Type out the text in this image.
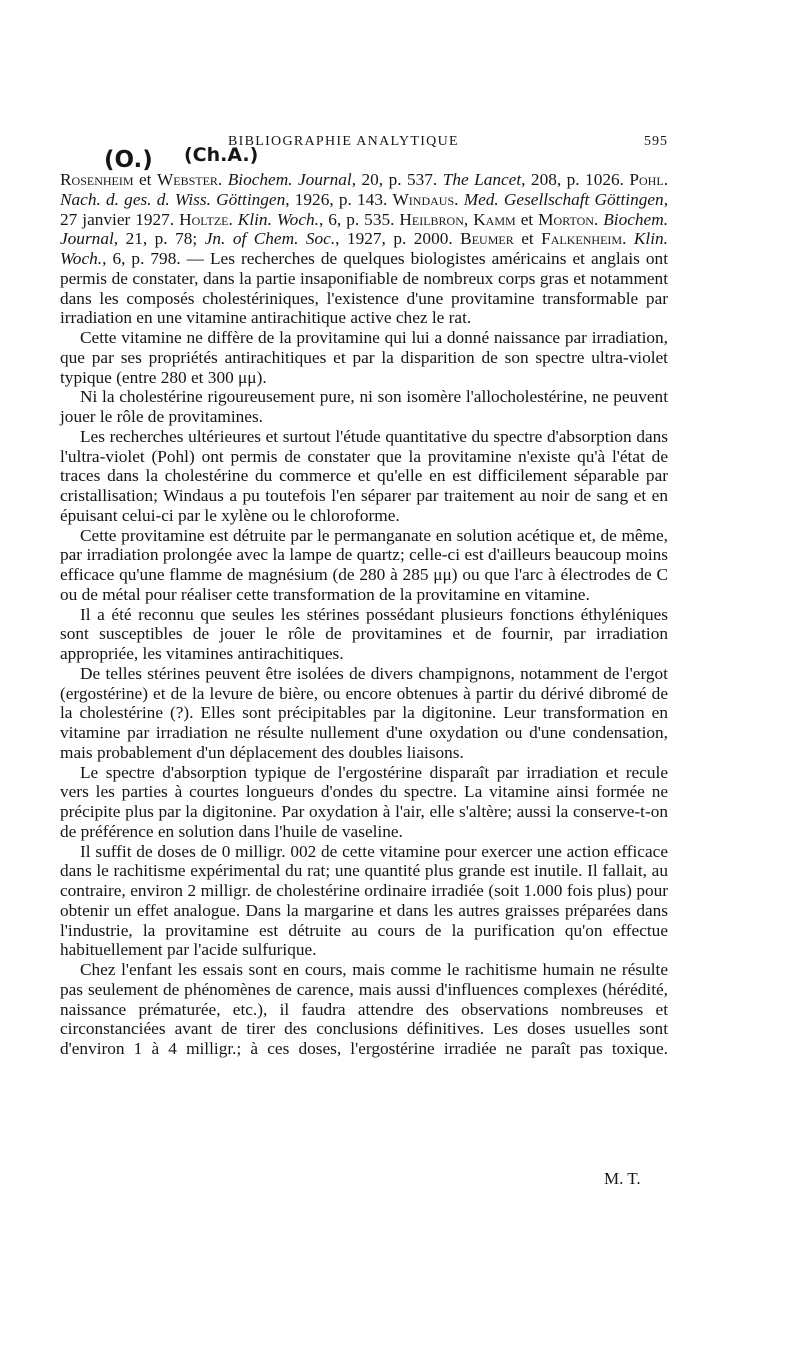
BIBLIOGRAPHIE ANALYTIQUE	595
(O.) (Ch.A.)

Rosenheim et Webster. Biochem. Journal, 20, p. 537. The Lancet, 208, p. 1026. Pohl. Nach. d. ges. d. Wiss. Göttingen, 1926, p. 143. Windaus. Med. Gesellschaft Göttingen, 27 janvier 1927. Holtze. Klin. Woch., 6, p. 535. Heilbron, Kamm et Morton. Biochem. Journal, 21, p. 78; Jn. of Chem. Soc., 1927, p. 2000. Beumer et Falkenheim. Klin. Woch., 6, p. 798. — Les recherches de quelques biologistes américains et anglais ont permis de constater, dans la partie insaponifiable de nombreux corps gras et notamment dans les composés cholestériniques, l'existence d'une provitamine transformable par irradiation en une vitamine antirachitique active chez le rat.

Cette vitamine ne diffère de la provitamine qui lui a donné naissance par irradiation, que par ses propriétés antirachitiques et par la disparition de son spectre ultra-violet typique (entre 280 et 300 μμ).

Ni la cholestérine rigoureusement pure, ni son isomère l'allocholestérine, ne peuvent jouer le rôle de provitamines.

Les recherches ultérieures et surtout l'étude quantitative du spectre d'absorption dans l'ultra-violet (Pohl) ont permis de constater que la provitamine n'existe qu'à l'état de traces dans la cholestérine du commerce et qu'elle en est difficilement séparable par cristallisation; Windaus a pu toutefois l'en séparer par traitement au noir de sang et en épuisant celui-ci par le xylène ou le chloroforme.

Cette provitamine est détruite par le permanganate en solution acétique et, de même, par irradiation prolongée avec la lampe de quartz; celle-ci est d'ailleurs beaucoup moins efficace qu'une flamme de magnésium (de 280 à 285 μμ) ou que l'arc à électrodes de C ou de métal pour réaliser cette transformation de la provitamine en vitamine.

Il a été reconnu que seules les stérines possédant plusieurs fonctions éthyléniques sont susceptibles de jouer le rôle de provitamines et de fournir, par irradiation appropriée, les vitamines antirachitiques.

De telles stérines peuvent être isolées de divers champignons, notamment de l'ergot (ergostérine) et de la levure de bière, ou encore obtenues à partir du dérivé dibromé de la cholestérine (?). Elles sont précipitables par la digitonine. Leur transformation en vitamine par irradiation ne résulte nullement d'une oxydation ou d'une condensation, mais probablement d'un déplacement des doubles liaisons.

Le spectre d'absorption typique de l'ergostérine disparaît par irradiation et recule vers les parties à courtes longueurs d'ondes du spectre. La vitamine ainsi formée ne précipite plus par la digitonine. Par oxydation à l'air, elle s'altère; aussi la conserve-t-on de préférence en solution dans l'huile de vaseline.

Il suffit de doses de 0 milligr. 002 de cette vitamine pour exercer une action efficace dans le rachitisme expérimental du rat; une quantité plus grande est inutile. Il fallait, au contraire, environ 2 milligr. de cholestérine ordinaire irradiée (soit 1.000 fois plus) pour obtenir un effet analogue. Dans la margarine et dans les autres graisses préparées dans l'industrie, la provitamine est détruite au cours de la purification qu'on effectue habituellement par l'acide sulfurique.

Chez l'enfant les essais sont en cours, mais comme le rachitisme humain ne résulte pas seulement de phénomènes de carence, mais aussi d'influences complexes (hérédité, naissance prématurée, etc.), il faudra attendre des observations nombreuses et circonstanciées avant de tirer des conclusions définitives. Les doses usuelles sont d'environ 1 à 4 milligr.; à ces doses, l'ergostérine irradiée ne paraît pas toxique.

M. T.
